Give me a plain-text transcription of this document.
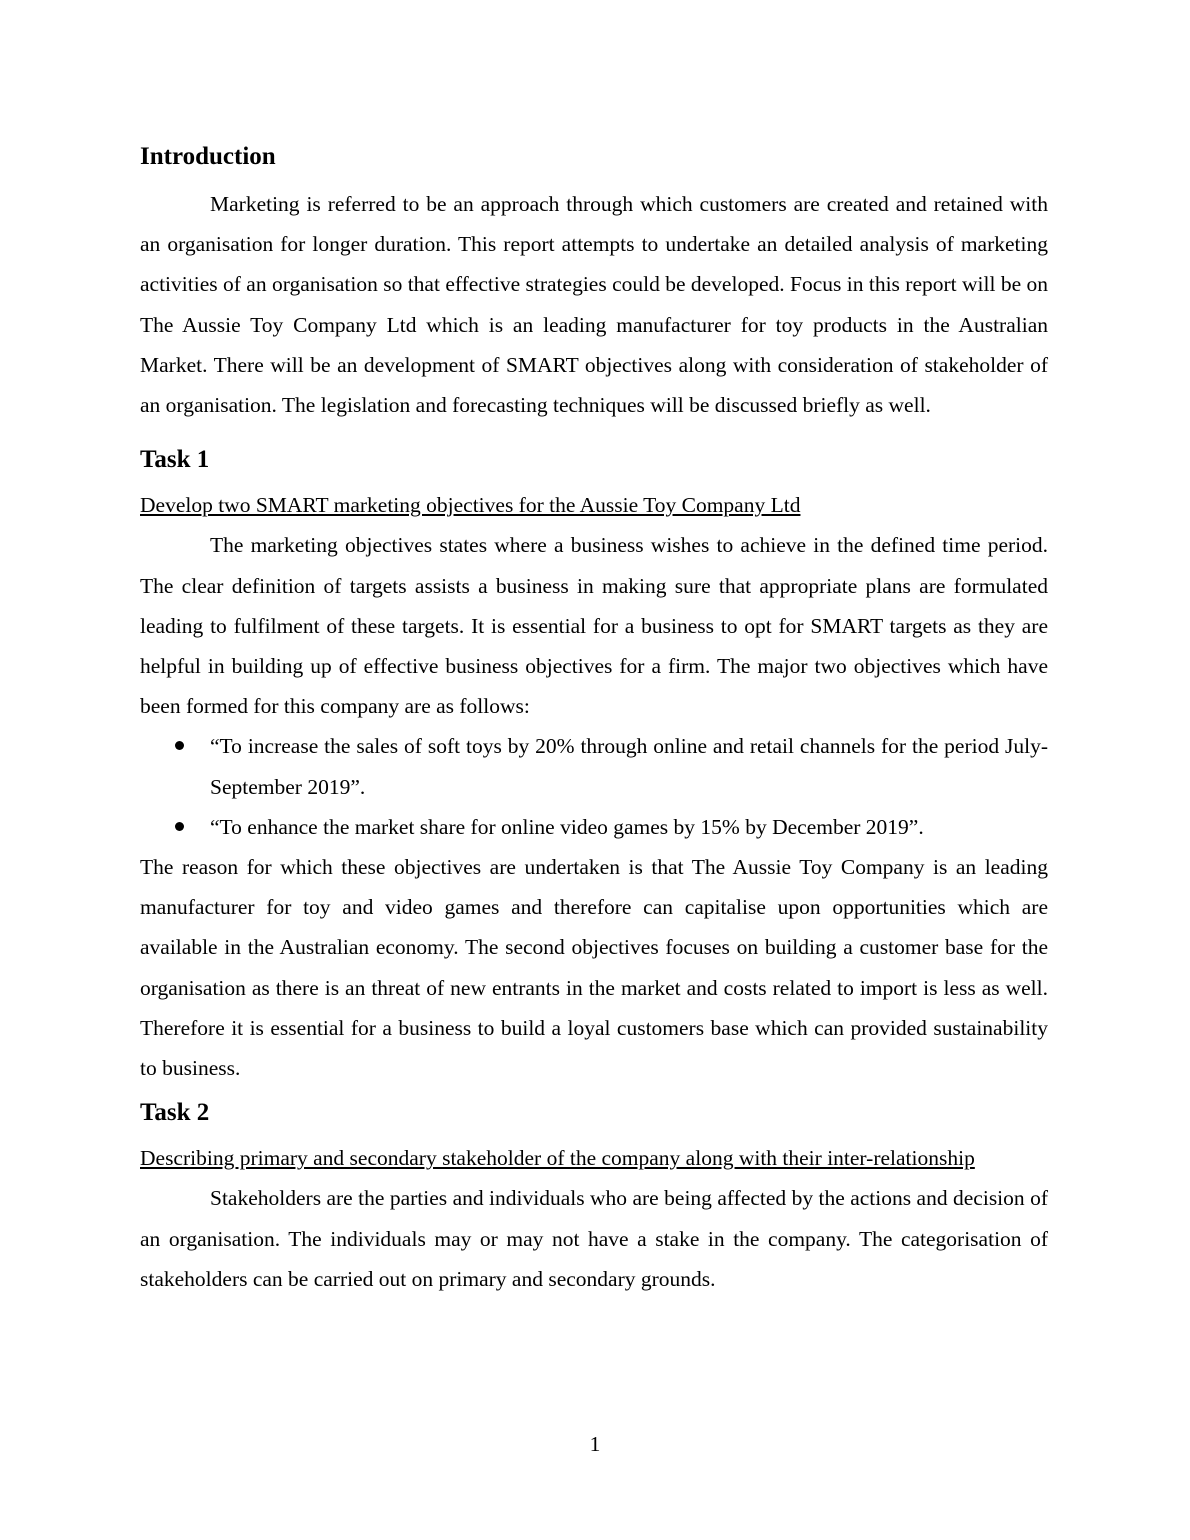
Introduction

Marketing is referred to be an approach through which customers are created and retained with an organisation for longer duration. This report attempts to undertake an detailed analysis of marketing activities of an organisation so that effective strategies could be developed. Focus in this report will be on The Aussie Toy Company Ltd which is an leading manufacturer for toy products in the Australian Market. There will be an development of SMART objectives along with consideration of stakeholder of an organisation. The legislation and forecasting techniques will be discussed briefly as well.

Task 1

Develop two SMART marketing objectives for the Aussie Toy Company Ltd

The marketing objectives states where a business wishes to achieve in the defined time period. The clear definition of targets assists a business in making sure that appropriate plans are formulated leading to fulfilment of these targets. It is essential for a business to opt for SMART targets as they are helpful in building up of effective business objectives for a firm. The major two objectives which have been formed for this company are as follows:

“To increase the sales of soft toys by 20% through online and retail channels for the period July-September 2019”.
“To enhance the market share for online video games by 15% by December 2019”.

The reason for which these objectives are undertaken is that The Aussie Toy Company is an leading manufacturer for toy and video games and therefore can capitalise upon opportunities which are available in the Australian economy. The second objectives focuses on building a customer base for the organisation as there is an threat of new entrants in the market and costs related to import is less as well. Therefore it is essential for a business to build a loyal customers base which can provided sustainability to business.

Task 2

Describing primary and secondary stakeholder of the company along with their inter-relationship

Stakeholders are the parties and individuals who are being affected by the actions and decision of an organisation. The individuals may or may not have a stake in the company. The categorisation of stakeholders can be carried out on primary and secondary grounds.

1
